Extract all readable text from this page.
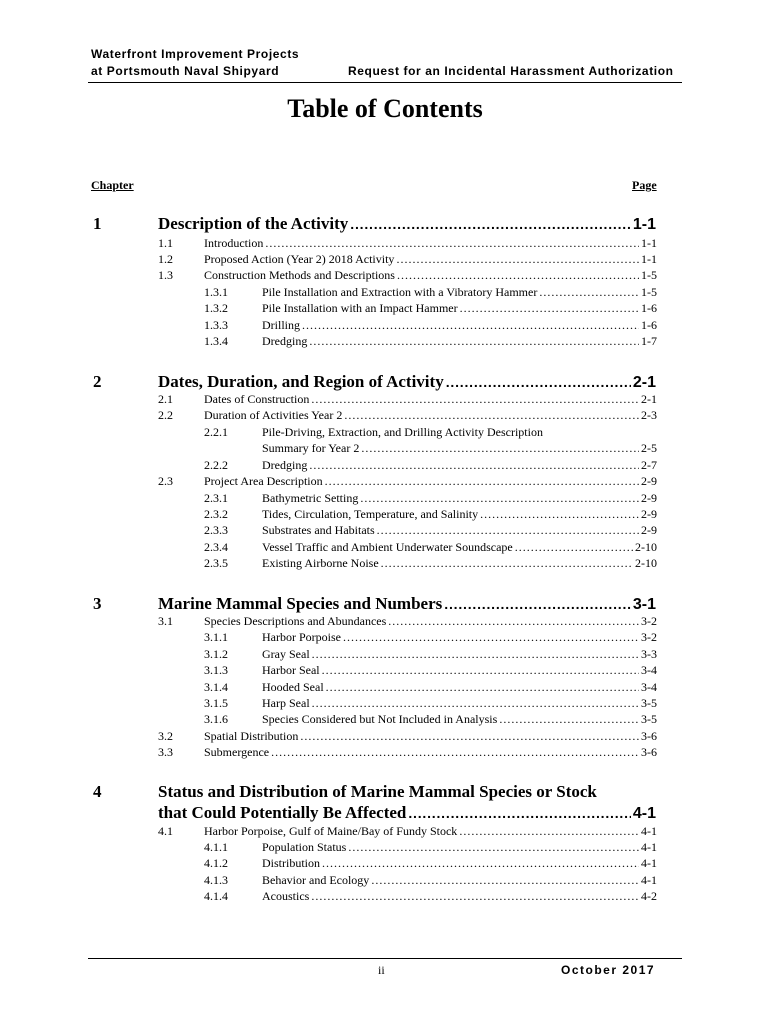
Waterfront Improvement Projects
at Portsmouth Naval Shipyard	Request for an Incidental Harassment Authorization
Table of Contents
Chapter	Page
1	Description of the Activity .....	1-1
1.1	Introduction .....	1-1
1.2	Proposed Action (Year 2) 2018 Activity .....	1-1
1.3	Construction Methods and Descriptions .....	1-5
1.3.1	Pile Installation and Extraction with a Vibratory Hammer .....	1-5
1.3.2	Pile Installation with an Impact Hammer .....	1-6
1.3.3	Drilling .....	1-6
1.3.4	Dredging .....	1-7
2	Dates, Duration, and Region of Activity .....	2-1
2.1	Dates of Construction .....	2-1
2.2	Duration of Activities Year 2 .....	2-3
2.2.1	Pile-Driving, Extraction, and Drilling Activity Description
Summary for Year 2 .....	2-5
2.2.2	Dredging .....	2-7
2.3	Project Area Description .....	2-9
2.3.1	Bathymetric Setting .....	2-9
2.3.2	Tides, Circulation, Temperature, and Salinity .....	2-9
2.3.3	Substrates and Habitats .....	2-9
2.3.4	Vessel Traffic and Ambient Underwater Soundscape .....	2-10
2.3.5	Existing Airborne Noise .....	2-10
3	Marine Mammal Species and Numbers .....	3-1
3.1	Species Descriptions and Abundances .....	3-2
3.1.1	Harbor Porpoise .....	3-2
3.1.2	Gray Seal .....	3-3
3.1.3	Harbor Seal .....	3-4
3.1.4	Hooded Seal .....	3-4
3.1.5	Harp Seal .....	3-5
3.1.6	Species Considered but Not Included in Analysis .....	3-5
3.2	Spatial Distribution .....	3-6
3.3	Submergence .....	3-6
4	Status and Distribution of Marine Mammal Species or Stock
that Could Potentially Be Affected .....	4-1
4.1	Harbor Porpoise, Gulf of Maine/Bay of Fundy Stock .....	4-1
4.1.1	Population Status .....	4-1
4.1.2	Distribution .....	4-1
4.1.3	Behavior and Ecology .....	4-1
4.1.4	Acoustics .....	4-2
ii	October 2017
